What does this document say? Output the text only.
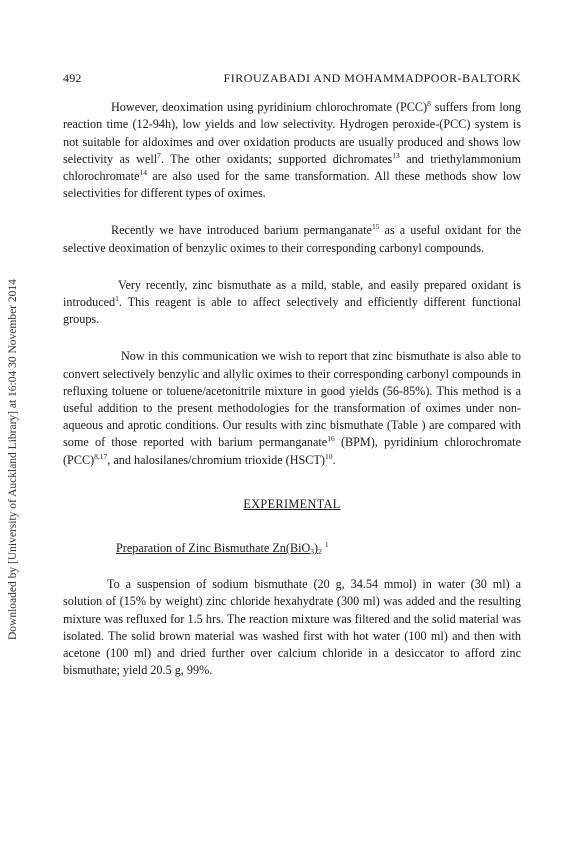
Downloaded by [University of Auckland Library] at 16:04 30 November 2014
492	FIROUZABADI AND MOHAMMADPOOR-BALTORK

However, deoximation using pyridinium chlorochromate (PCC)$^8$ suffers from long reaction time (12-94h), low yields and low selectivity. Hydrogen peroxide-(PCC) system is not suitable for aldoximes and over oxidation products are usually produced and shows low selectivity as well$^7$. The other oxidants; supported dichromates$^{13}$ and triethylammonium chlorochromate$^{14}$ are also used for the same transformation. All these methods show low selectivities for different types of oximes.

Recently we have introduced barium permanganate$^{15}$ as a useful oxidant for the selective deoximation of benzylic oximes to their corresponding carbonyl compounds.

Very recently, zinc bismuthate as a mild, stable, and easily prepared oxidant is introduced$^1$. This reagent is able to affect selectively and efficiently different functional groups.

Now in this communication we wish to report that zinc bismuthate is also able to convert selectively benzylic and allylic oximes to their corresponding carbonyl compounds in refluxing toluene or toluene/acetonitrile mixture in good yields (56-85%). This method is a useful addition to the present methodologies for the transformation of oximes under non-aqueous and aprotic conditions. Our results with zinc bismuthate (Table ) are compared with some of those reported with barium permanganate$^{16}$ (BPM), pyridinium chlorochromate (PCC)$^{8,17}$, and halosilanes/chromium trioxide (HSCT)$^{10}$.

EXPERIMENTAL

Preparation of Zinc Bismuthate $Zn(BiO_3)_2$ $^1$

To a suspension of sodium bismuthate (20 g, 34.54 mmol) in water (30 ml) a solution of (15% by weight) zinc chloride hexahydrate (300 ml) was added and the resulting mixture was refluxed for 1.5 hrs. The reaction mixture was filtered and the solid material was isolated. The solid brown material was washed first with hot water (100 ml) and then with acetone (100 ml) and dried further over calcium chloride in a desiccator to afford zinc bismuthate; yield 20.5 g, 99%.
